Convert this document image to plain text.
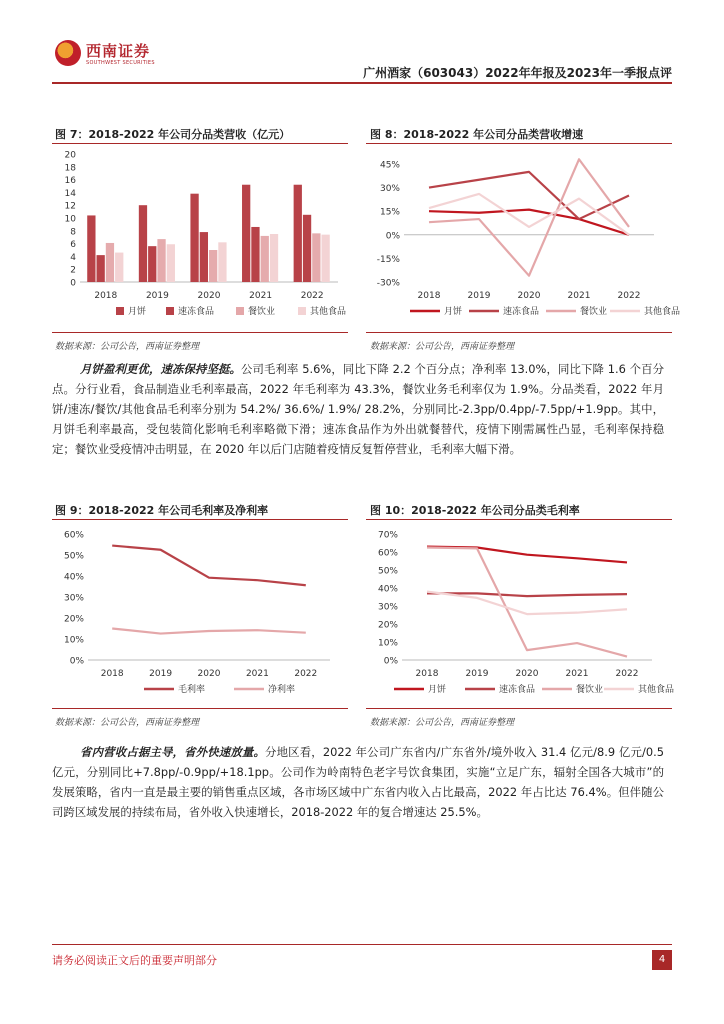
西南证券
SOUTHWEST SECURITIES
广州酒家（603043）2022年年报及2023年一季报点评
图 7：2018-2022 年公司分品类营收（亿元）
0
2
4
6
8
10
12
14
16
18
20
2018	2019	2020	2021	2022
月饼	速冻食品	餐饮业	其他食品
数据来源：公司公告，西南证券整理
图 8：2018-2022 年公司分品类营收增速
-30%
-15%
0%
15%
30%
45%
2018	2019	2020	2021	2022
月饼	速冻食品	餐饮业	其他食品
数据来源：公司公告，西南证券整理
月饼盈利更优，速冻保持坚挺。公司毛利率 5.6%，同比下降 2.2 个百分点；净利率 13.0%，同比下降 1.6 个百分点。分行业看，食品制造业毛利率最高，2022 年毛利率为 43.3%，餐饮业务毛利率仅为 1.9%。分品类看，2022 年月饼/速冻/餐饮/其他食品毛利率分别为 54.2%/ 36.6%/ 1.9%/ 28.2%，分别同比-2.3pp/0.4pp/-7.5pp/+1.9pp。其中，月饼毛利率最高，受包装简化影响毛利率略微下滑；速冻食品作为外出就餐替代，疫情下刚需属性凸显，毛利率保持稳定；餐饮业受疫情冲击明显，在 2020 年以后门店随着疫情反复暂停营业，毛利率大幅下滑。
图 9：2018-2022 年公司毛利率及净利率
0%
10%
20%
30%
40%
50%
60%
2018	2019	2020	2021	2022
毛利率	净利率
数据来源：公司公告，西南证券整理
图 10：2018-2022 年公司分品类毛利率
0%
10%
20%
30%
40%
50%
60%
70%
2018	2019	2020	2021	2022
月饼	速冻食品	餐饮业	其他食品
数据来源：公司公告，西南证券整理
省内营收占据主导，省外快速放量。分地区看，2022 年公司广东省内/广东省外/境外收入 31.4 亿元/8.9 亿元/0.5 亿元，分别同比+7.8pp/-0.9pp/+18.1pp。公司作为岭南特色老字号饮食集团，实施“立足广东，辐射全国各大城市”的发展策略，省内一直是最主要的销售重点区域，各市场区域中广东省内收入占比最高，2022 年占比达 76.4%。但伴随公司跨区域发展的持续布局，省外收入快速增长，2018-2022 年的复合增速达 25.5%。
请务必阅读正文后的重要声明部分	4
